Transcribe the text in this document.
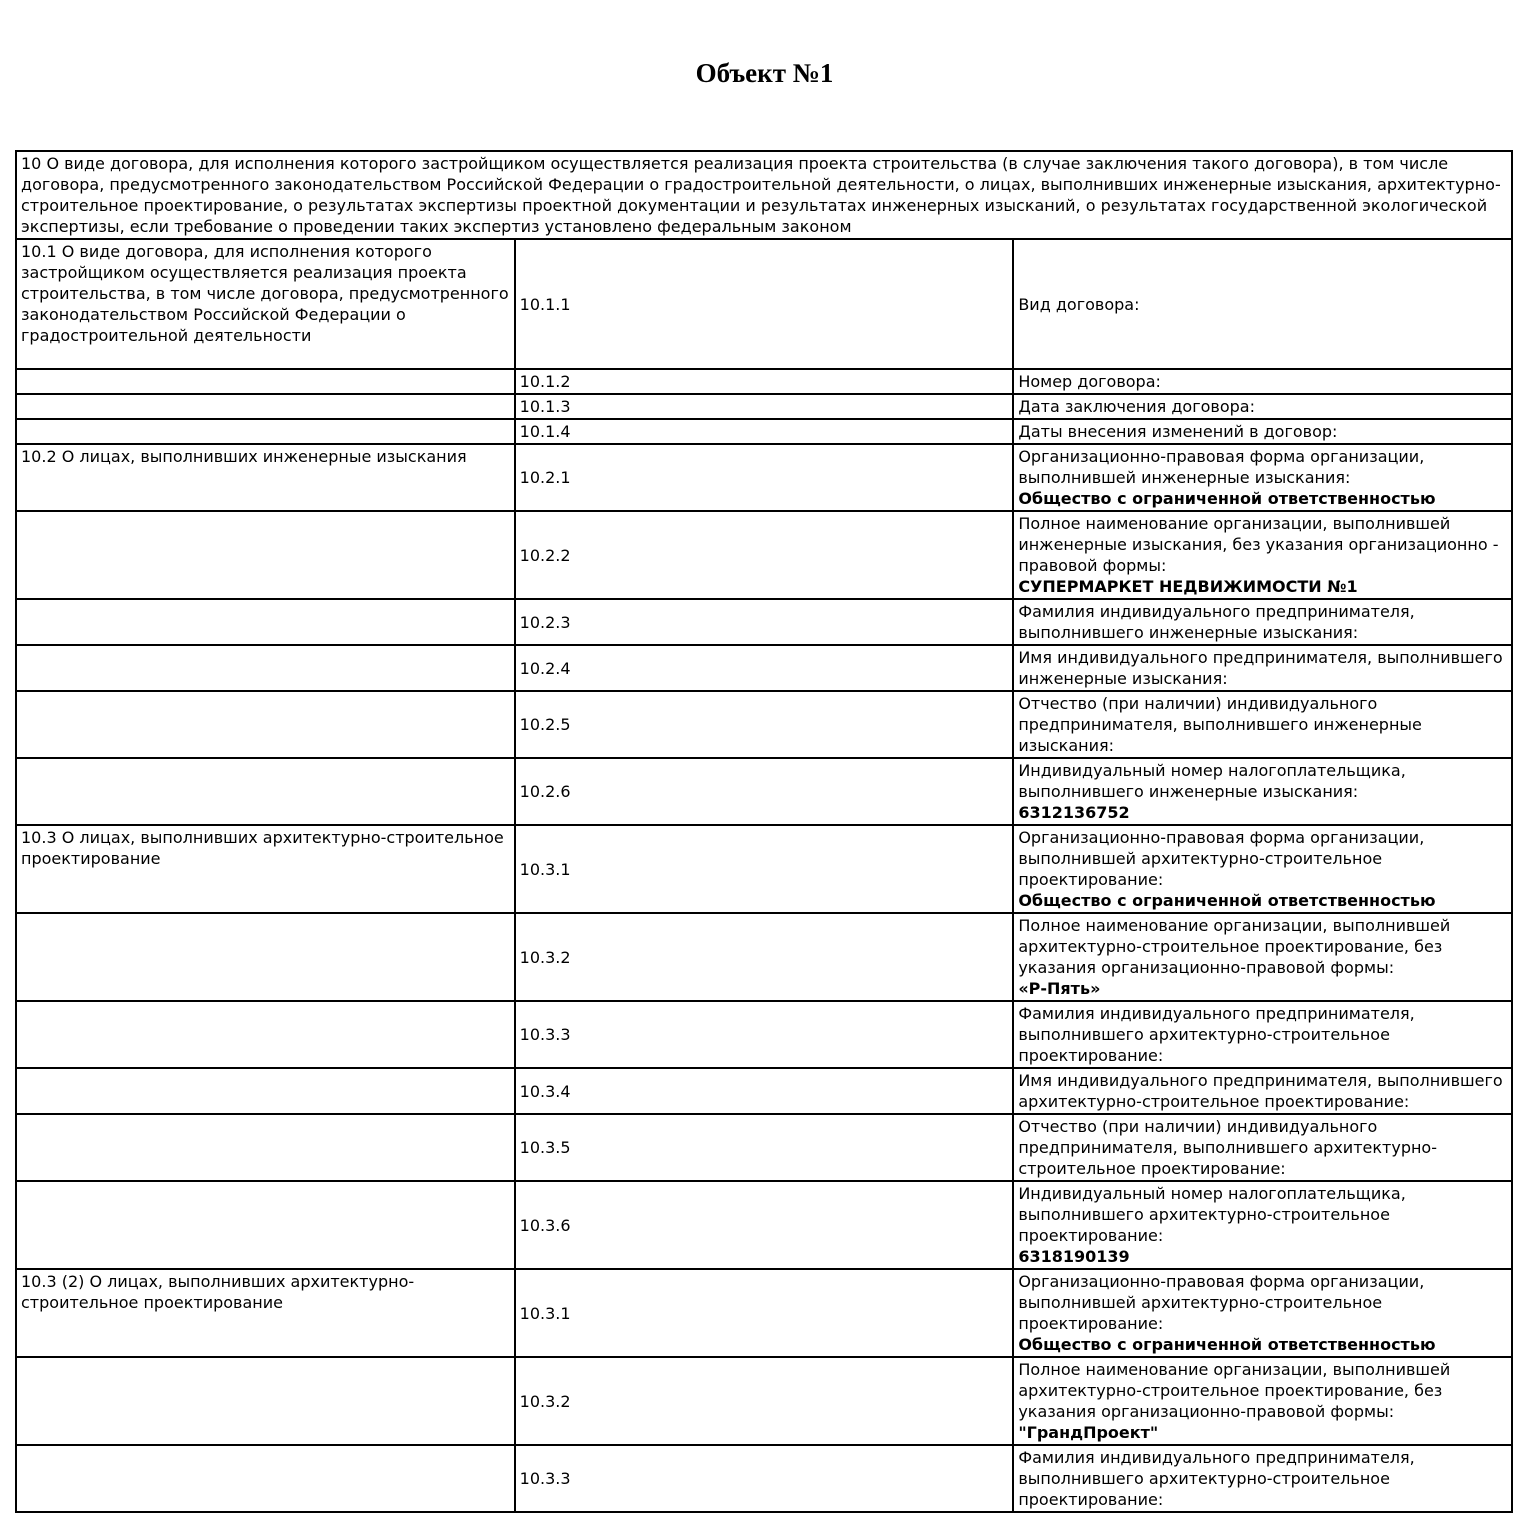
Объект №1
10 О виде договора, для исполнения которого застройщиком осуществляется реализация проекта строительства (в случае заключения такого договора), в том числе договора, предусмотренного законодательством Российской Федерации о градостроительной деятельности, о лицах, выполнивших инженерные изыскания, архитектурно-строительное проектирование, о результатах экспертизы проектной документации и результатах инженерных изысканий, о результатах государственной экологической экспертизы, если требование о проведении таких экспертиз установлено федеральным законом		
10.1 О виде договора, для исполнения которого застройщиком осуществляется реализация проекта строительства, в том числе договора, предусмотренного законодательством Российской Федерации о градостроительной деятельности	10.1.1	Вид договора:

	10.1.2	Номер договора:

	10.1.3	Дата заключения договора:

	10.1.4	Даты внесения изменений в договор:

10.2 О лицах, выполнивших инженерные изыскания	10.2.1	Организационно-правовая форма организации, выполнившей инженерные изыскания:
Общество с ограниченной ответственностью

	10.2.2	Полное наименование организации, выполнившей инженерные изыскания, без указания организационно - правовой формы:
СУПЕРМАРКЕТ НЕДВИЖИМОСТИ №1

	10.2.3	Фамилия индивидуального предпринимателя, выполнившего инженерные изыскания:

	10.2.4	Имя индивидуального предпринимателя, выполнившего инженерные изыскания:

	10.2.5	Отчество (при наличии) индивидуального предпринимателя, выполнившего инженерные изыскания:

	10.2.6	Индивидуальный номер налогоплательщика, выполнившего инженерные изыскания:
6312136752

10.3 О лицах, выполнивших архитектурно-строительное проектирование	10.3.1	Организационно-правовая форма организации, выполнившей архитектурно-строительное проектирование:
Общество с ограниченной ответственностью

	10.3.2	Полное наименование организации, выполнившей архитектурно-строительное проектирование, без указания организационно-правовой формы:
«Р-Пять»

	10.3.3	Фамилия индивидуального предпринимателя, выполнившего архитектурно-строительное проектирование:

	10.3.4	Имя индивидуального предпринимателя, выполнившего архитектурно-строительное проектирование:

	10.3.5	Отчество (при наличии) индивидуального предпринимателя, выполнившего архитектурно-строительное проектирование:

	10.3.6	Индивидуальный номер налогоплательщика, выполнившего архитектурно-строительное проектирование:
6318190139

10.3 (2) О лицах, выполнивших архитектурно-строительное проектирование	10.3.1	Организационно-правовая форма организации, выполнившей архитектурно-строительное проектирование:
Общество с ограниченной ответственностью

	10.3.2	Полное наименование организации, выполнившей архитектурно-строительное проектирование, без указания организационно-правовой формы:
"ГрандПроект"

	10.3.3	Фамилия индивидуального предпринимателя, выполнившего архитектурно-строительное проектирование:
